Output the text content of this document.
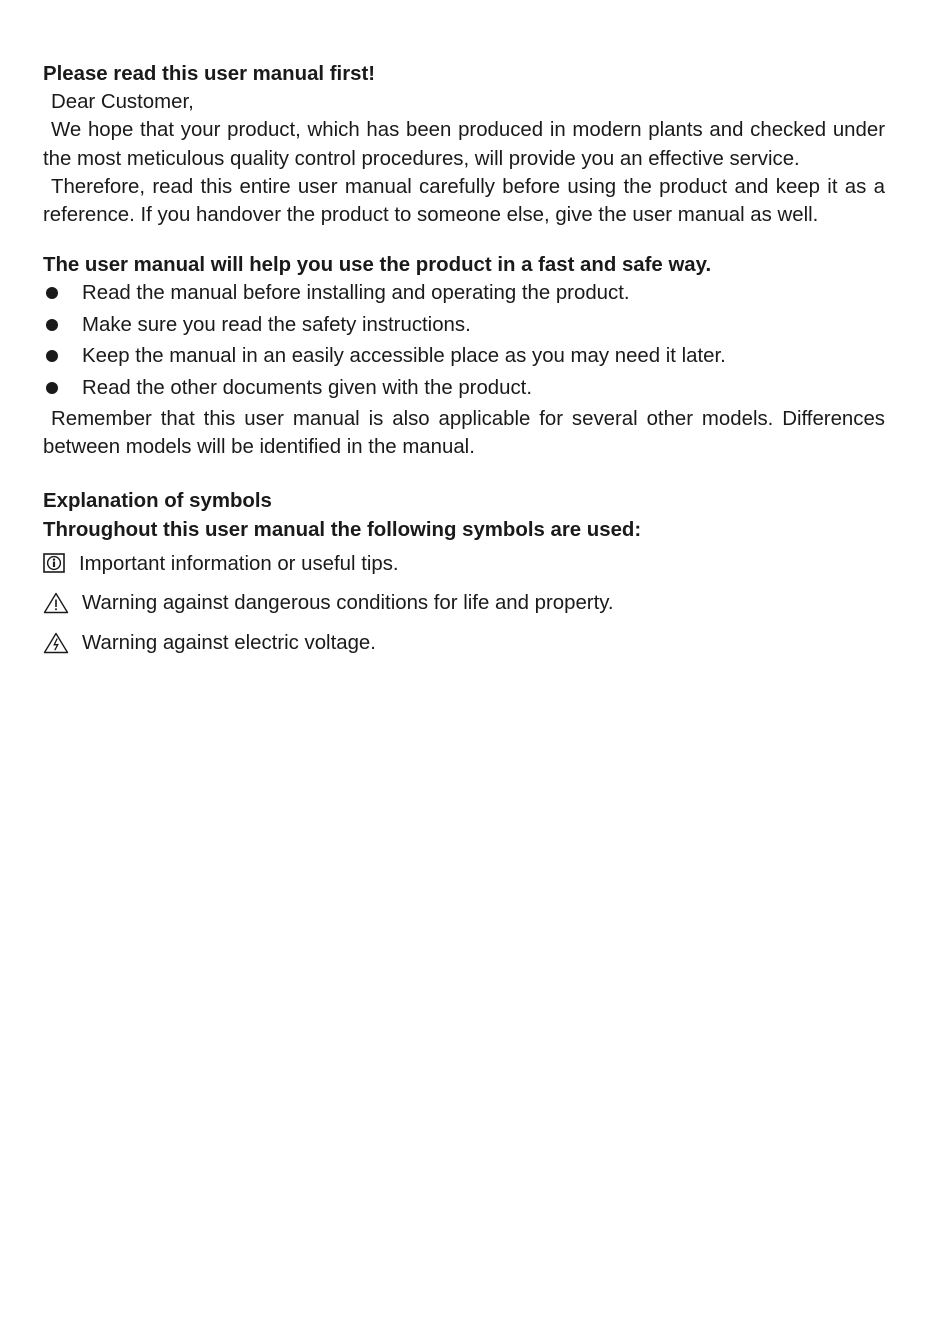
Please read this user manual first!

Dear Customer,

We hope that your product, which has been produced in modern plants and checked under the most meticulous quality control procedures, will provide you an effective service.

Therefore, read this entire user manual carefully before using the product and keep it as a reference. If you handover the product to someone else, give the user manual as well.

The user manual will help you use the product in a fast and safe way.

Read the manual before installing and operating the product.
Make sure you read the safety instructions.
Keep the manual in an easily accessible place as you may need it later.
Read the other documents given with the product.

Remember that this user manual is also applicable for several other models. Differences between models will be identified in the manual.

Explanation of symbols

Throughout this user manual the following symbols are used:

Important information or useful tips.
Warning against dangerous conditions for life and property.
Warning against electric voltage.
